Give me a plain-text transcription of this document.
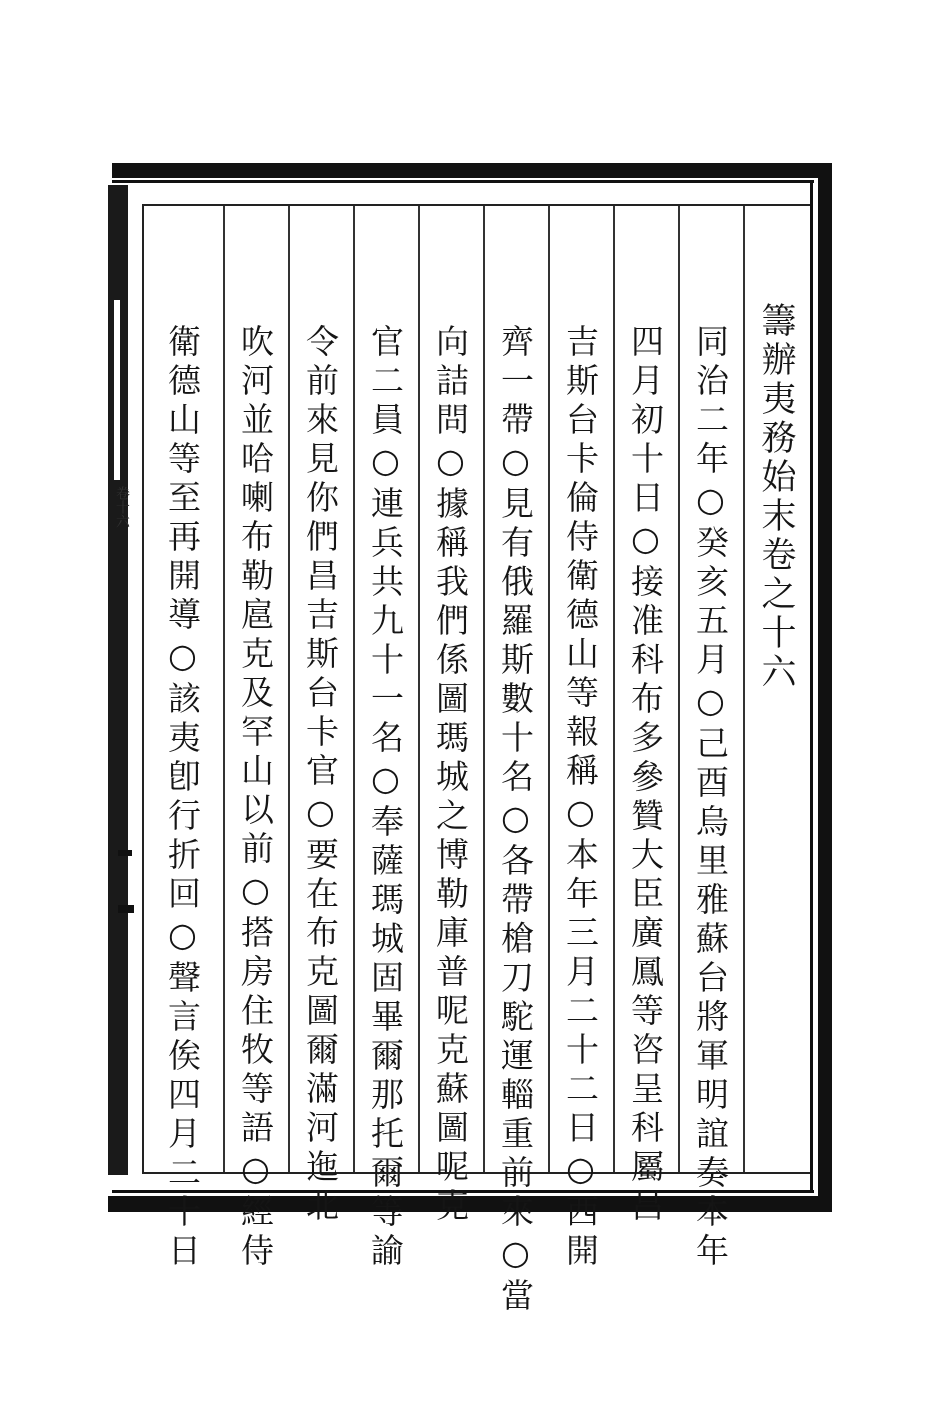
卷十六	籌辦夷務始末卷之十六
同治二年○癸亥五月○己酉烏里雅蘇台將軍明誼奏本年
四月初十日○接准科布多參贊大臣廣鳳等咨呈科屬昌
吉斯台卡倫侍衛德山等報稱○本年三月二十二日○西開
齊一帶○見有俄羅斯數十名○各帶槍刀駝運輜重前來○當
向詰問○據稱我們係圖瑪城之博勒庫普呢克蘇圖呢克
官二員○連兵共九十一名○奉薩瑪城固畢爾那托爾等諭
令前來見你們昌吉斯台卡官○要在布克圖爾滿河迤北
吹河並哈喇布勒扈克及罕山以前○搭房住牧等語○經侍
衛德山等至再開導○該夷卽行折回○聲言俟四月二十日
